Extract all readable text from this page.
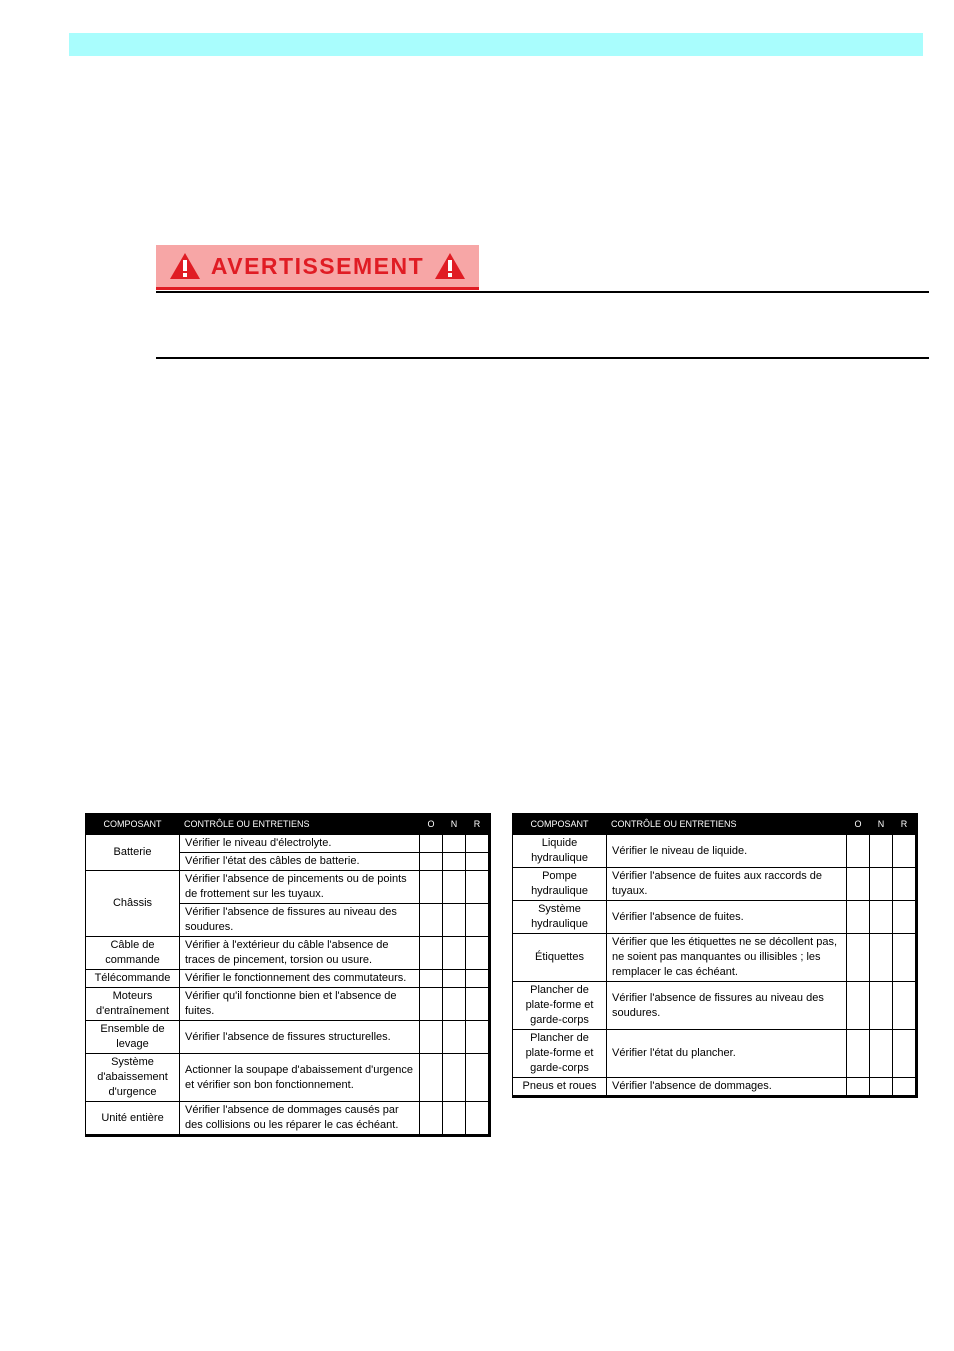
AVERTISSEMENT
COMPOSANT	CONTRÔLE OU ENTRETIENS	O	N	R
Batterie	Vérifier le niveau d'électrolyte.			
	Vérifier l'état des câbles de batterie.			
Châssis	Vérifier l'absence de pincements ou de points de frottement sur les tuyaux.			
	Vérifier l'absence de fissures au niveau des soudures.			
Câble de commande	Vérifier à l'extérieur du câble l'absence de traces de pincement, torsion ou usure.			
Télécommande	Vérifier le fonctionnement des commutateurs.			
Moteurs d'entraînement	Vérifier qu'il fonctionne bien et l'absence de fuites.			
Ensemble de levage	Vérifier l'absence de fissures structurelles.			
Système d'abaissement d'urgence	Actionner la soupape d'abaissement d'urgence et vérifier son bon fonctionnement.			
Unité entière	Vérifier l'absence de dommages causés par des collisions ou les réparer le cas échéant.			
COMPOSANT	CONTRÔLE OU ENTRETIENS	O	N	R
Liquide hydraulique	Vérifier le niveau de liquide.			
Pompe hydraulique	Vérifier l'absence de fuites aux raccords de tuyaux.			
Système hydraulique	Vérifier l'absence de fuites.			
Étiquettes	Vérifier que les étiquettes ne se décollent pas, ne soient pas manquantes ou illisibles ; les remplacer le cas échéant.			
Plancher de plate-forme et garde-corps	Vérifier l'absence de fissures au niveau des soudures.			
Plancher de plate-forme et garde-corps	Vérifier l'état du plancher.			
Pneus et roues	Vérifier l'absence de dommages.			
